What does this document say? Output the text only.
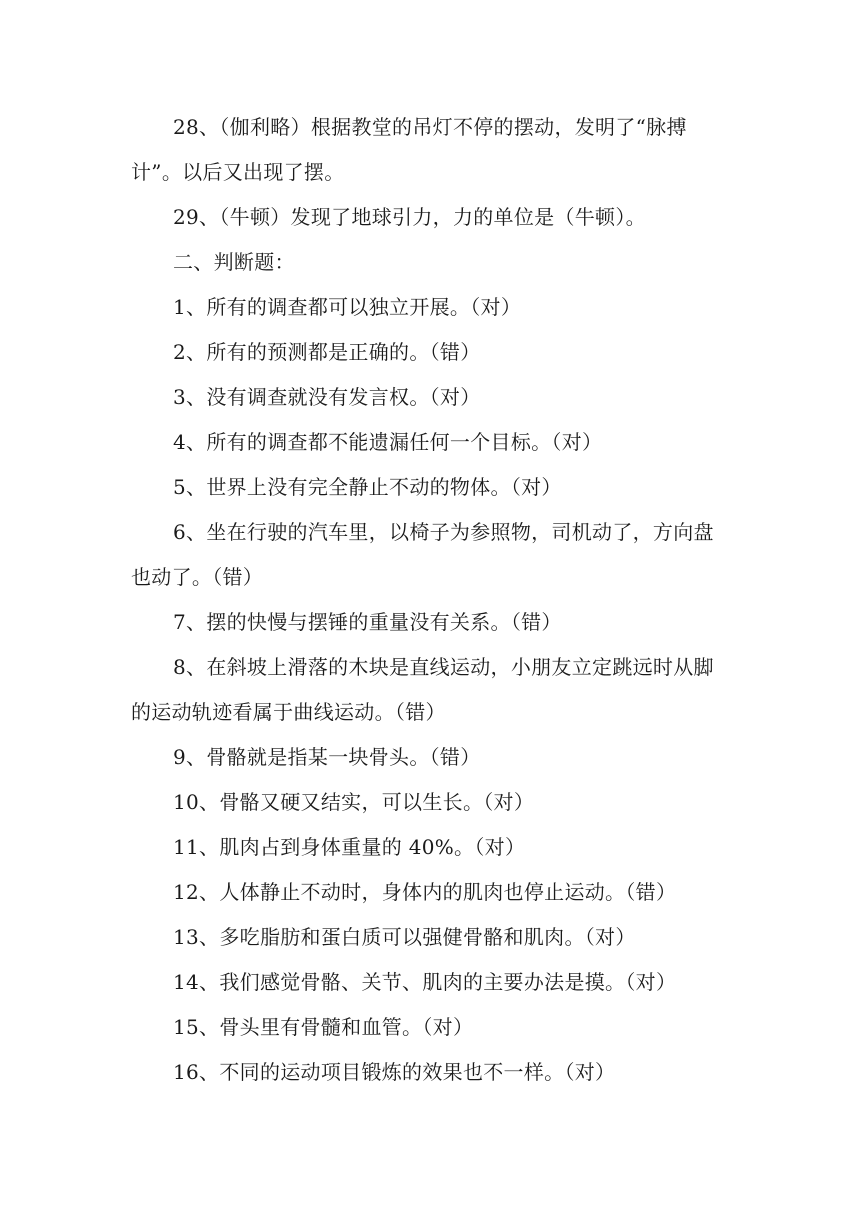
28、（伽利略）根据教堂的吊灯不停的摆动，发明了“脉搏计”。以后又出现了摆。

29、（牛顿）发现了地球引力，力的单位是（牛顿）。

二、判断题：

1、所有的调查都可以独立开展。（对）

2、所有的预测都是正确的。（错）

3、没有调查就没有发言权。（对）

4、所有的调查都不能遗漏任何一个目标。（对）

5、世界上没有完全静止不动的物体。（对）

6、坐在行驶的汽车里，以椅子为参照物，司机动了，方向盘也动了。（错）

7、摆的快慢与摆锤的重量没有关系。（错）

8、在斜坡上滑落的木块是直线运动，小朋友立定跳远时从脚的运动轨迹看属于曲线运动。（错）

9、骨骼就是指某一块骨头。（错）

10、骨骼又硬又结实，可以生长。（对）

11、肌肉占到身体重量的 40%。（对）

12、人体静止不动时，身体内的肌肉也停止运动。（错）

13、多吃脂肪和蛋白质可以强健骨骼和肌肉。（对）

14、我们感觉骨骼、关节、肌肉的主要办法是摸。（对）

15、骨头里有骨髓和血管。（对）

16、不同的运动项目锻炼的效果也不一样。（对）
